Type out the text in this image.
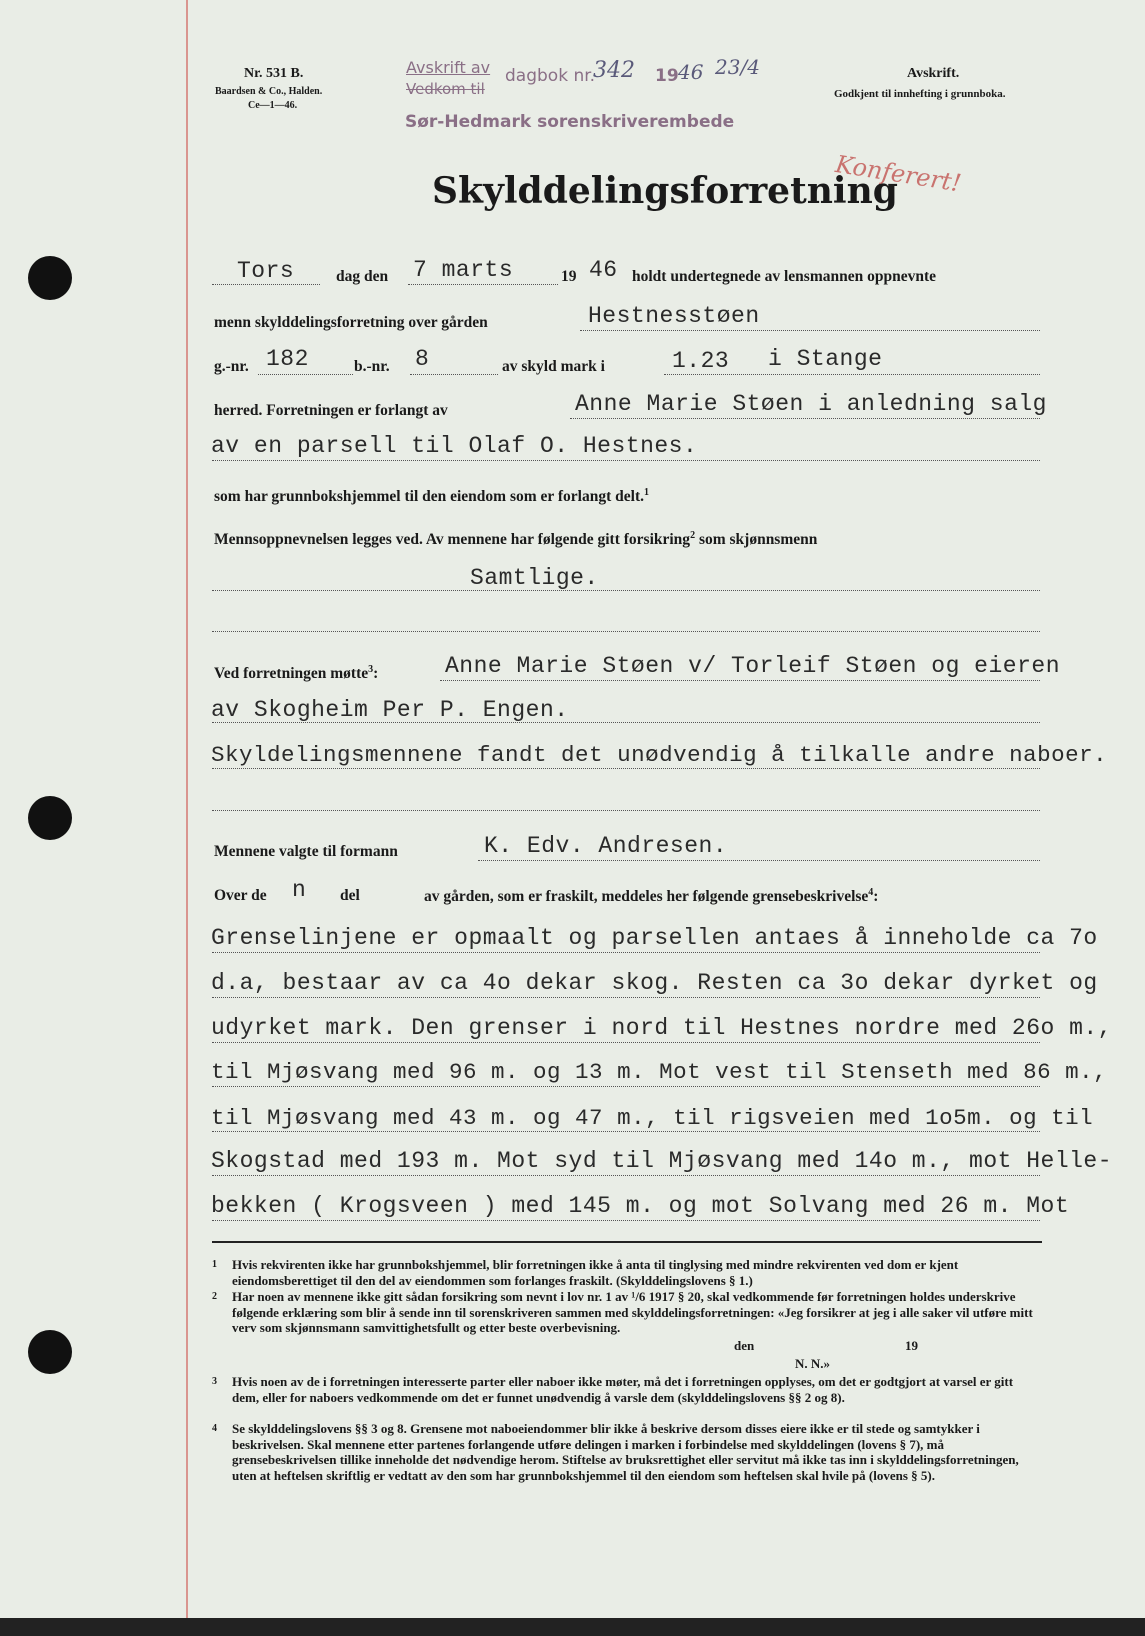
Nr. 531 B.
Baardsen & Co., Halden.
Ce—1—46.
Avskrift av
Vedkom til
dagbok nr.
342 19 46 23/4
Sør-Hedmark sorenskriverembede
Avskrift.
Godkjent til innhefting i grunnboka.
Skylddelingsforretning
Konferert!
Tors	dag den 7 marts	19 46 holdt undertegnede av lensmannen oppnevnte
menn skylddelingsforretning over gården	Hestnesstøen
g.-nr. 182	b.-nr. 8	av skyld mark i	1.23 i Stange
herred. Forretningen er forlangt av	Anne Marie Støen i anledning salg
av en parsell til Olaf O. Hestnes.
som har grunnbokshjemmel til den eiendom som er forlangt delt.$^1$
Mennsoppnevnelsen legges ved. Av mennene har følgende gitt forsikring$^2$ som skjønnsmenn
Samtlige.
Ved forretningen møtte$^3$:	Anne Marie Støen v/ Torleif Støen og eieren
av Skogheim Per P. Engen.
Skyldelingsmennene fandt det unødvendig å tilkalle andre naboer.
Mennene valgte til formann	K. Edv. Andresen.
Over de n del	av gården, som er fraskilt, meddeles her følgende grensebeskrivelse$^4$:
Grenselinjene er opmaalt og parsellen antaes å inneholde ca 7o
d.a, bestaar av ca 4o dekar skog. Resten ca 3o dekar dyrket og
udyrket mark. Den grenser i nord til Hestnes nordre med 26o m.,
til Mjøsvang med 96 m. og 13 m. Mot vest til Stenseth med 86 m.,
til Mjøsvang med 43 m. og 47 m., til rigsveien med 1o5m. og til
Skogstad med 193 m. Mot syd til Mjøsvang med 14o m., mot Helle-
bekken ( Krogsveen ) med 145 m. og mot Solvang med 26 m. Mot
1 Hvis rekvirenten ikke har grunnbokshjemmel, blir forretningen ikke å anta til tinglysing med mindre rekvirenten ved dom er kjent eiendomsberettiget til den del av eiendommen som forlanges fraskilt. (Skylddelingslovens § 1.)
2 Har noen av mennene ikke gitt sådan forsikring som nevnt i lov nr. 1 av ¹/6 1917 § 20, skal vedkommende før forretningen holdes underskrive følgende erklæring som blir å sende inn til sorenskriveren sammen med skylddelingsforretningen: «Jeg forsikrer at jeg i alle saker vil utføre mitt verv som skjønnsmann samvittighetsfullt og etter beste overbevisning.
den	19
N. N.»
3 Hvis noen av de i forretningen interesserte parter eller naboer ikke møter, må det i forretningen opplyses, om det er godtgjort at varsel er gitt dem, eller for naboers vedkommende om det er funnet unødvendig å varsle dem (skylddelingslovens §§ 2 og 8).
4 Se skylddelingslovens §§ 3 og 8. Grensene mot naboeiendommer blir ikke å beskrive dersom disses eiere ikke er til stede og samtykker i beskrivelsen. Skal mennene etter partenes forlangende utføre delingen i marken i forbindelse med skylddelingen (lovens § 7), må grensebeskrivelsen tillike inneholde det nødvendige herom. Stiftelse av bruksrettighet eller servitut må ikke tas inn i skylddelingsforretningen, uten at heftelsen skriftlig er vedtatt av den som har grunnbokshjemmel til den eiendom som heftelsen skal hvile på (lovens § 5).
